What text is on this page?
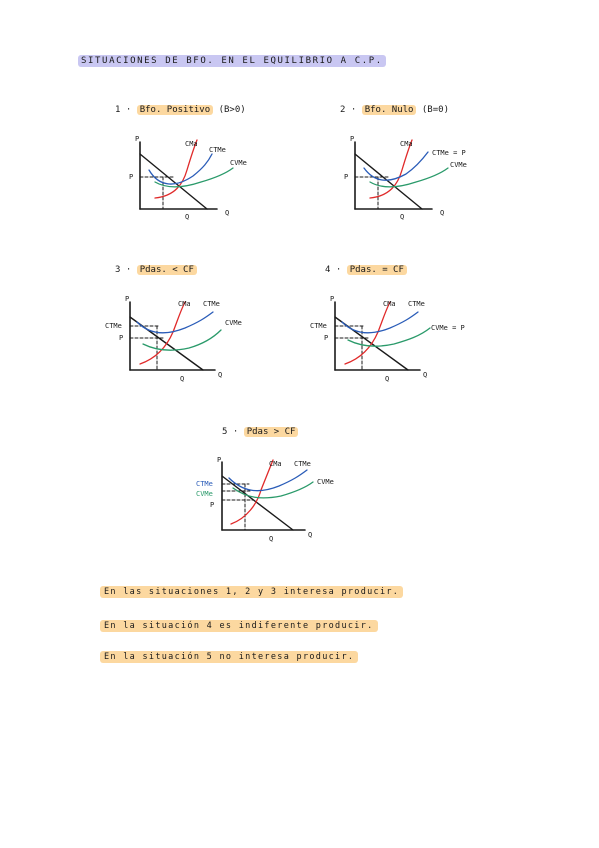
SITUACIONES DE BFO. EN EL EQUILIBRIO A C.P.
1 · Bfo. Positivo (B>0)	2 · Bfo. Nulo (B=0)
3 · Pdas. < CF	4 · Pdas. = CF
5 · Pdas > CF
P
Q
Q
P
CMa
CTMe
CVMe
P
Q
Q
P
CMa
CTMe = P
CVMe
P
Q
Q
CTMe
P
CMa CTMe
CVMe
P
Q
Q
CTMe
P
CMa CTMe
CVMe = P
P
Q
Q
CTMe
CVMe
P
CMa CTMe
CVMe
En las situaciones 1, 2 y 3 interesa producir.
En la situación 4 es indiferente producir.
En la situación 5 no interesa producir.
